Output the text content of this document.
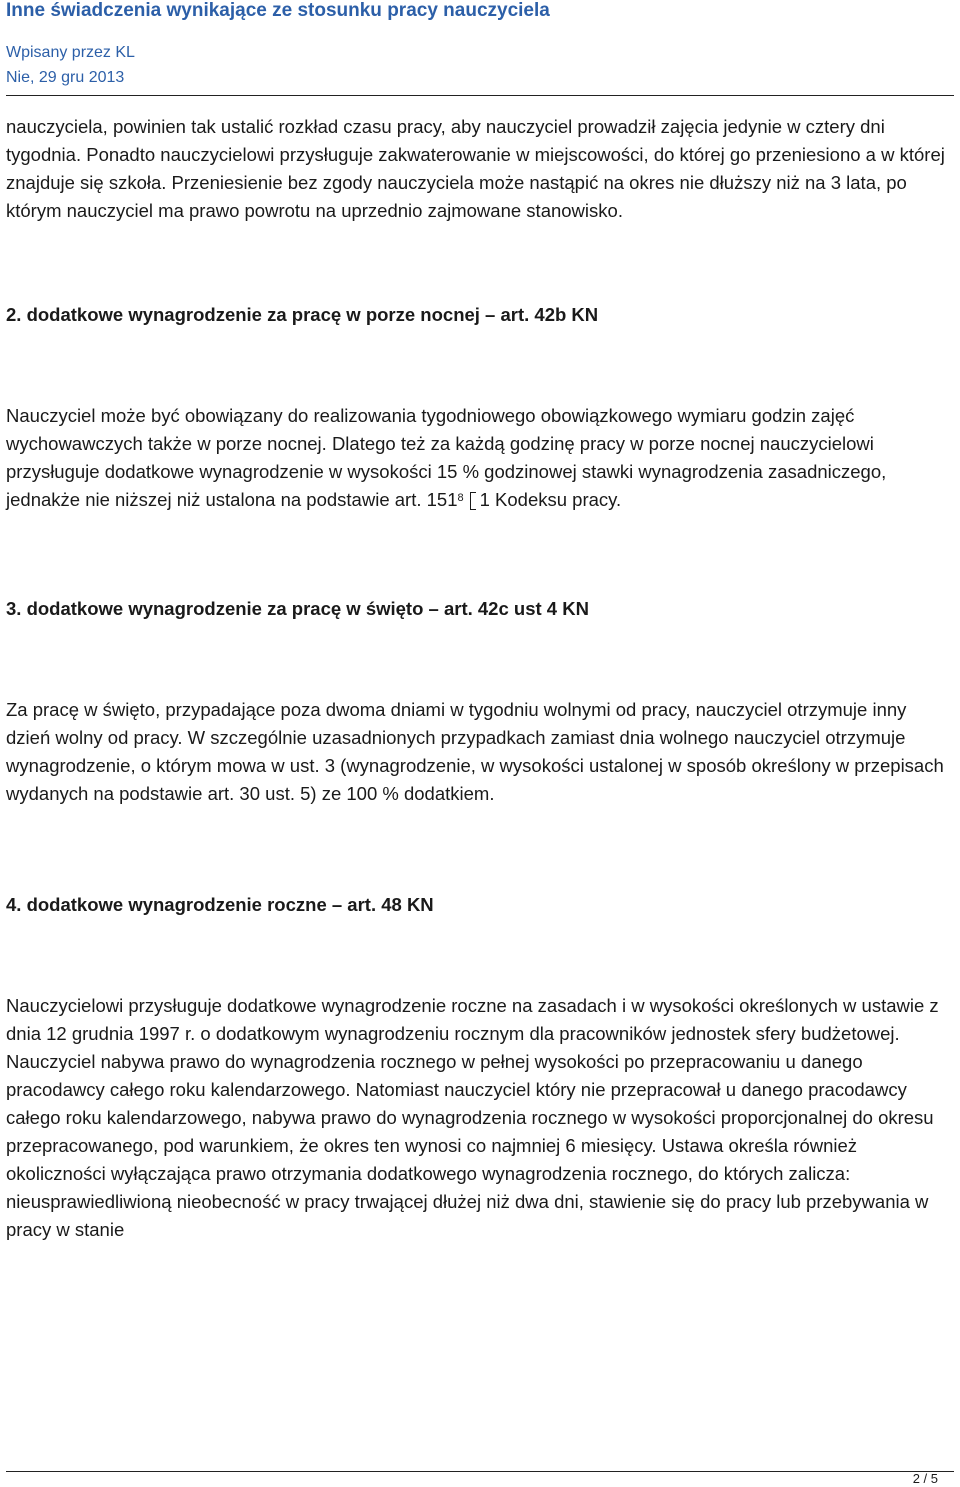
Inne świadczenia wynikające ze stosunku pracy nauczyciela
Wpisany przez KL
Nie, 29 gru 2013

nauczyciela, powinien tak ustalić rozkład czasu pracy, aby nauczyciel prowadził zajęcia jedynie w cztery dni tygodnia. Ponadto nauczycielowi przysługuje zakwaterowanie w miejscowości, do której go przeniesiono a w której znajduje się szkoła. Przeniesienie bez zgody nauczyciela może nastąpić na okres nie dłuższy niż na 3 lata, po którym nauczyciel ma prawo powrotu na uprzednio zajmowane stanowisko.

2. dodatkowe wynagrodzenie za pracę w porze nocnej – art. 42b KN

Nauczyciel może być obowiązany do realizowania tygodniowego obowiązkowego wymiaru godzin zajęć wychowawczych także w porze nocnej. Dlatego też za każdą godzinę pracy w porze nocnej nauczycielowi przysługuje dodatkowe wynagrodzenie w wysokości 15 % godzinowej stawki wynagrodzenia zasadniczego, jednakże nie niższej niż ustalona na podstawie art. $151^8$ 1 Kodeksu pracy.

3. dodatkowe wynagrodzenie za pracę w święto – art. 42c ust 4 KN

Za pracę w święto, przypadające poza dwoma dniami w tygodniu wolnymi od pracy, nauczyciel otrzymuje inny dzień wolny od pracy. W szczególnie uzasadnionych przypadkach zamiast dnia wolnego nauczyciel otrzymuje wynagrodzenie, o którym mowa w ust. 3 (wynagrodzenie, w wysokości ustalonej w sposób określony w przepisach wydanych na podstawie art. 30 ust. 5) ze 100 % dodatkiem.

4. dodatkowe wynagrodzenie roczne – art. 48 KN

Nauczycielowi przysługuje dodatkowe wynagrodzenie roczne na zasadach i w wysokości określonych w ustawie z dnia 12 grudnia 1997 r. o dodatkowym wynagrodzeniu rocznym dla pracowników jednostek sfery budżetowej. Nauczyciel nabywa prawo do wynagrodzenia rocznego w pełnej wysokości po przepracowaniu u danego pracodawcy całego roku kalendarzowego. Natomiast nauczyciel który nie przepracował u danego pracodawcy całego roku kalendarzowego, nabywa prawo do wynagrodzenia rocznego w wysokości proporcjonalnej do okresu przepracowanego, pod warunkiem, że okres ten wynosi co najmniej 6 miesięcy. Ustawa określa również okoliczności wyłączająca prawo otrzymania dodatkowego wynagrodzenia rocznego, do których zalicza: nieusprawiedliwioną nieobecność w pracy trwającej dłużej niż dwa dni, stawienie się do pracy lub przebywania w pracy w stanie

2 / 5
